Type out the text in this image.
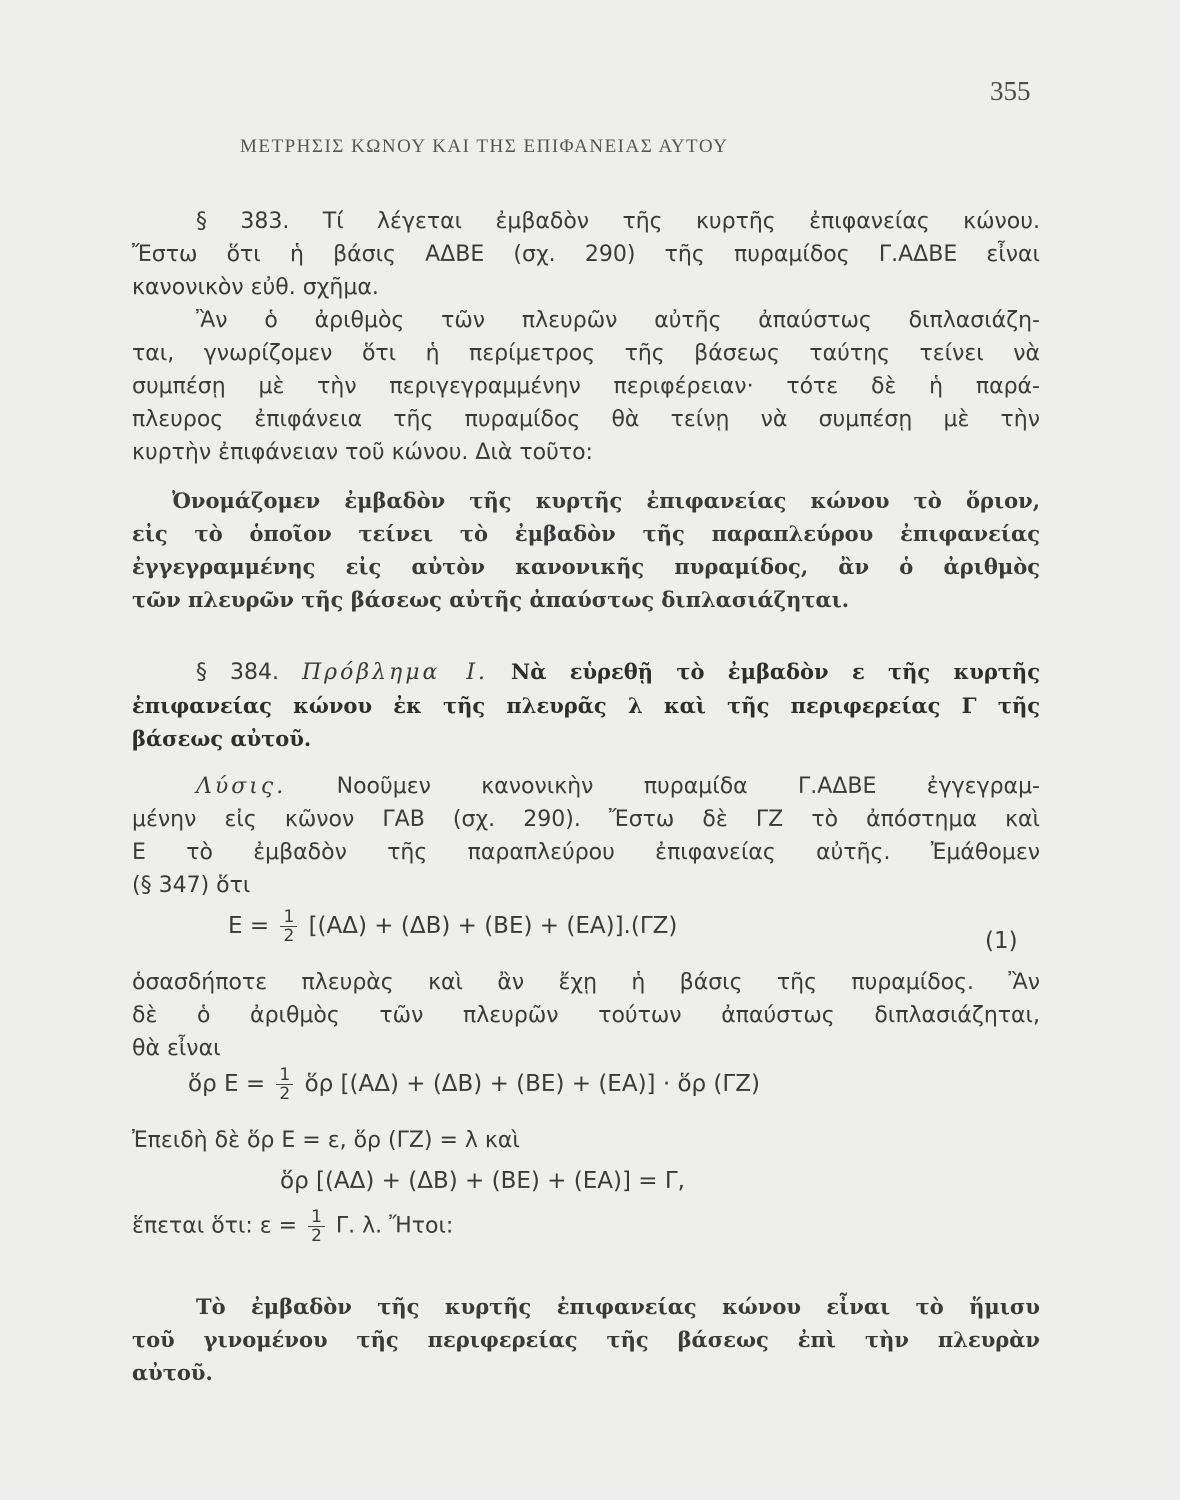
355
ΜΕΤΡΗΣΙΣ ΚΩΝΟΥ ΚΑΙ ΤΗΣ ΕΠΙΦΑΝΕΙΑΣ ΑΥΤΟΥ
§ 383. Τί λέγεται ἐμβαδὸν τῆς κυρτῆς ἐπιφανείας κώνου.
Ἔστω ὅτι ἡ βάσις ΑΔΒΕ (σχ. 290) τῆς πυραμίδος Γ.ΑΔΒΕ εἶναι
κανονικὸν εὐθ. σχῆμα.
Ἂν ὁ ἀριθμὸς τῶν πλευρῶν αὐτῆς ἀπαύστως διπλασιάζη-
ται, γνωρίζομεν ὅτι ἡ περίμετρος τῆς βάσεως ταύτης τείνει νὰ
συμπέσῃ μὲ τὴν περιγεγραμμένην περιφέρειαν· τότε δὲ ἡ παρά-
πλευρος ἐπιφάνεια τῆς πυραμίδος θὰ τείνῃ νὰ συμπέσῃ μὲ τὴν
κυρτὴν ἐπιφάνειαν τοῦ κώνου. Διὰ τοῦτο:
Ὀνομάζομεν ἐμβαδὸν τῆς κυρτῆς ἐπιφανείας κώνου τὸ ὅριον,
εἰς τὸ ὁποῖον τείνει τὸ ἐμβαδὸν τῆς παραπλεύρου ἐπιφανείας
ἐγγεγραμμένης εἰς αὐτὸν κανονικῆς πυραμίδος, ἂν ὁ ἀριθμὸς
τῶν πλευρῶν τῆς βάσεως αὐτῆς ἀπαύστως διπλασιάζηται.
§ 384. Πρόβλημα Ι. Νὰ εὑρεθῇ τὸ ἐμβαδὸν ε τῆς κυρτῆς
ἐπιφανείας κώνου ἐκ τῆς πλευρᾶς λ καὶ τῆς περιφερείας Γ τῆς
βάσεως αὐτοῦ.
Λύσις. Νοοῦμεν κανονικὴν πυραμίδα Γ.ΑΔΒΕ ἐγγεγραμ-
μένην εἰς κῶνον ΓΑΒ (σχ. 290). Ἔστω δὲ ΓΖ τὸ ἀπόστημα καὶ
Ε τὸ ἐμβαδὸν τῆς παραπλεύρου ἐπιφανείας αὐτῆς. Ἐμάθομεν
(§ 347) ὅτι
$E = \frac{1}{2} [(A\Delta) + (\Delta B) + (BE) + (EA)].(\Gamma Z)$
(1)
ὁσασδήποτε πλευρὰς καὶ ἂν ἔχῃ ἡ βάσις τῆς πυραμίδος. Ἂν
δὲ ὁ ἀριθμὸς τῶν πλευρῶν τούτων ἀπαύστως διπλασιάζηται,
θὰ εἶναι
ὅρ $E = \frac{1}{2}$ ὅρ [(ΑΔ) + (ΔΒ) + (ΒΕ) + (ΕΑ)] · ὅρ (ΓΖ)
Ἐπειδὴ δὲ ὅρ Ε = ε, ὅρ (ΓΖ) = λ καὶ
ὅρ [(ΑΔ) + (ΔΒ) + (ΒΕ) + (ΕΑ)] = Γ,
ἕπεται ὅτι: $\varepsilon = \frac{1}{2} \Gamma$. λ. Ἤτοι:
Τὸ ἐμβαδὸν τῆς κυρτῆς ἐπιφανείας κώνου εἶναι τὸ ἥμισυ
τοῦ γινομένου τῆς περιφερείας τῆς βάσεως ἐπὶ τὴν πλευρὰν
αὐτοῦ.
